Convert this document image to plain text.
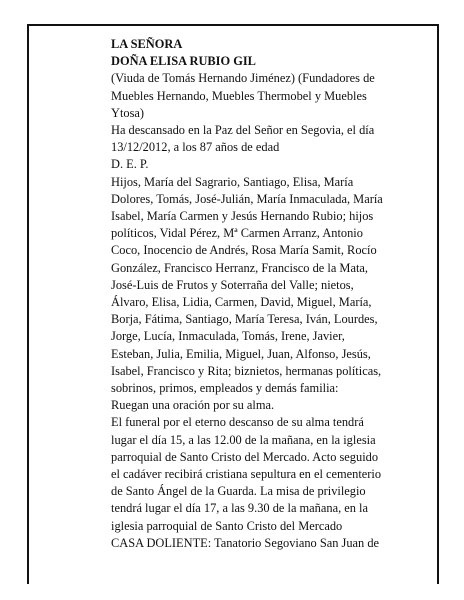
LA SEÑORA
DOÑA ELISA RUBIO GIL
(Viuda de Tomás Hernando Jiménez) (Fundadores de
Muebles Hernando, Muebles Thermobel y Muebles
Ytosa)
Ha descansado en la Paz del Señor en Segovia, el día
13/12/2012, a los 87 años de edad
D. E. P.
Hijos, María del Sagrario, Santiago, Elisa, María
Dolores, Tomás, José-Julián, María Inmaculada, María
Isabel, María Carmen y Jesús Hernando Rubio; hijos
políticos, Vidal Pérez, Mª Carmen Arranz, Antonio
Coco, Inocencio de Andrés, Rosa María Samit, Rocío
González, Francisco Herranz, Francisco de la Mata,
José-Luis de Frutos y Soterraña del Valle; nietos,
Álvaro, Elisa, Lidia, Carmen, David, Miguel, María,
Borja, Fátima, Santiago, María Teresa, Iván, Lourdes,
Jorge, Lucía, Inmaculada, Tomás, Irene, Javier,
Esteban, Julia, Emilia, Miguel, Juan, Alfonso, Jesús,
Isabel, Francisco y Rita; biznietos, hermanas políticas,
sobrinos, primos, empleados y demás familia:
Ruegan una oración por su alma.
El funeral por el eterno descanso de su alma tendrá
lugar el día 15, a las 12.00 de la mañana, en la iglesia
parroquial de Santo Cristo del Mercado. Acto seguido
el cadáver recibirá cristiana sepultura en el cementerio
de Santo Ángel de la Guarda. La misa de privilegio
tendrá lugar el día 17, a las 9.30 de la mañana, en la
iglesia parroquial de Santo Cristo del Mercado
CASA DOLIENTE: Tanatorio Segoviano San Juan de
